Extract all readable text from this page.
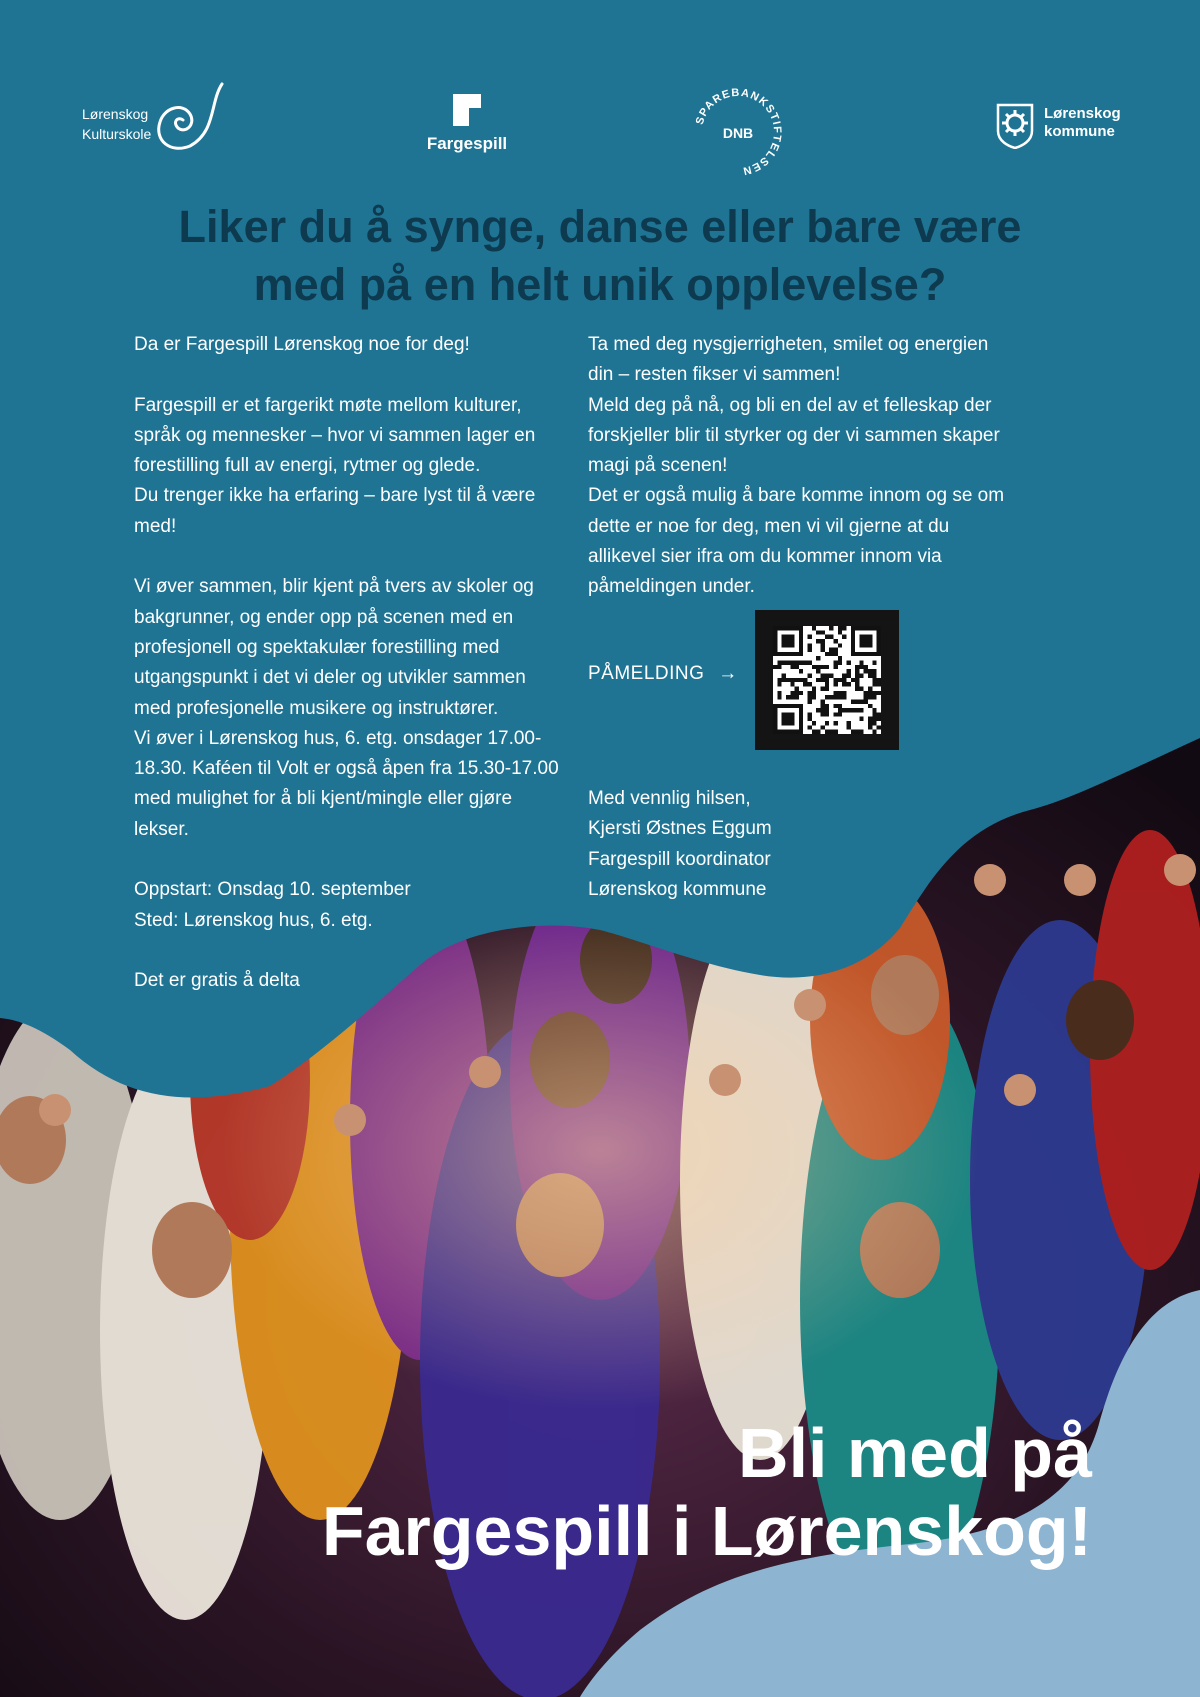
Lørenskog
Kulturskole	Fargespill
SPAREBANKSTIFTELSEN
DNB
Lørenskog
kommune
Liker du å synge, danse eller bare være
med på en helt unik opplevelse?

Da er Fargespill Lørenskog noe for deg!

Fargespill er et fargerikt møte mellom kulturer, språk og mennesker – hvor vi sammen lager en forestilling full av energi, rytmer og glede.

Du trenger ikke ha erfaring – bare lyst til å være med!

Vi øver sammen, blir kjent på tvers av skoler og bakgrunner, og ender opp på scenen med en profesjonell og spektakulær forestilling med utgangspunkt i det vi deler og utvikler sammen med profesjonelle musikere og instruktører.

Vi øver i Lørenskog hus, 6. etg. onsdager 17.00-18.30. Kaféen til Volt er også åpen fra 15.30-17.00 med mulighet for å bli kjent/mingle eller gjøre lekser.

Oppstart: Onsdag 10. september

Sted: Lørenskog hus, 6. etg.

Det er gratis å delta

Ta med deg nysgjerrigheten, smilet og energien din – resten fikser vi sammen!

Meld deg på nå, og bli en del av et felleskap der forskjeller blir til styrker og der vi sammen skaper magi på scenen!

Det er også mulig å bare komme innom og se om dette er noe for deg, men vi vil gjerne at du allikevel sier ifra om du kommer innom via påmeldingen under.

PÅMELDING →

Med vennlig hilsen,

Kjersti Østnes Eggum

Fargespill koordinator

Lørenskog kommune

Bli med på
Fargespill i Lørenskog!
